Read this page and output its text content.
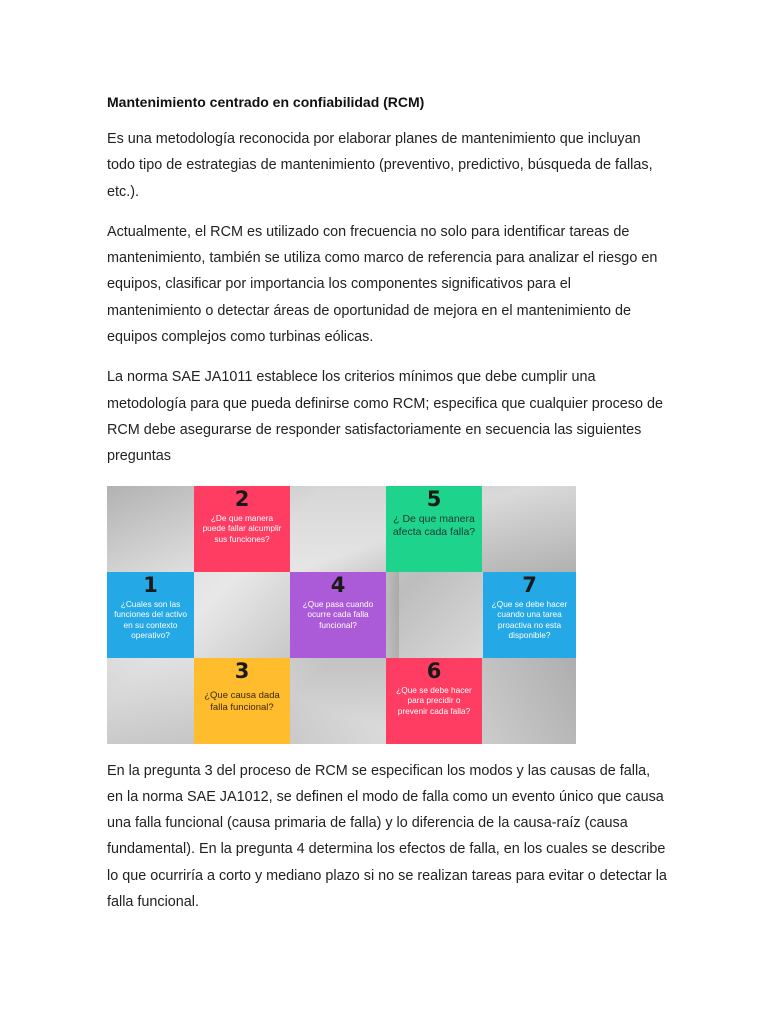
Mantenimiento centrado en confiabilidad (RCM)

Es una metodología reconocida por elaborar planes de mantenimiento que incluyan todo tipo de estrategias de mantenimiento (preventivo, predictivo, búsqueda de fallas, etc.).

Actualmente, el RCM es utilizado con frecuencia no solo para identificar tareas de mantenimiento, también se utiliza como marco de referencia para analizar el riesgo en equipos, clasificar por importancia los componentes significativos para el mantenimiento o detectar áreas de oportunidad de mejora en el mantenimiento de equipos complejos como turbinas eólicas.

La norma SAE JA1011 establece los criterios mínimos que debe cumplir una metodología para que pueda definirse como RCM; especifica que cualquier proceso de RCM debe asegurarse de responder satisfactoriamente en secuencia las siguientes preguntas

2
¿De que manera puede fallar alcumplir sus funciones?
5
¿ De que manera afecta cada falla?
1
¿Cuales son las funciones del activo en su contexto operativo?
4
¿Que pasa cuando ocurre cada falla funcional?
7
¿Que se debe hacer cuando una tarea proactiva no esta disponible?
3
¿Que causa dada falla funcional?
6
¿Que se debe hacer para precidir o prevenir cada falla?

En la pregunta 3 del proceso de RCM se especifican los modos y las causas de falla, en la norma SAE JA1012, se definen el modo de falla como un evento único que causa una falla funcional (causa primaria de falla) y lo diferencia de la causa-raíz (causa fundamental). En la pregunta 4 determina los efectos de falla, en los cuales se describe lo que ocurriría a corto y mediano plazo si no se realizan tareas para evitar o detectar la falla funcional.
